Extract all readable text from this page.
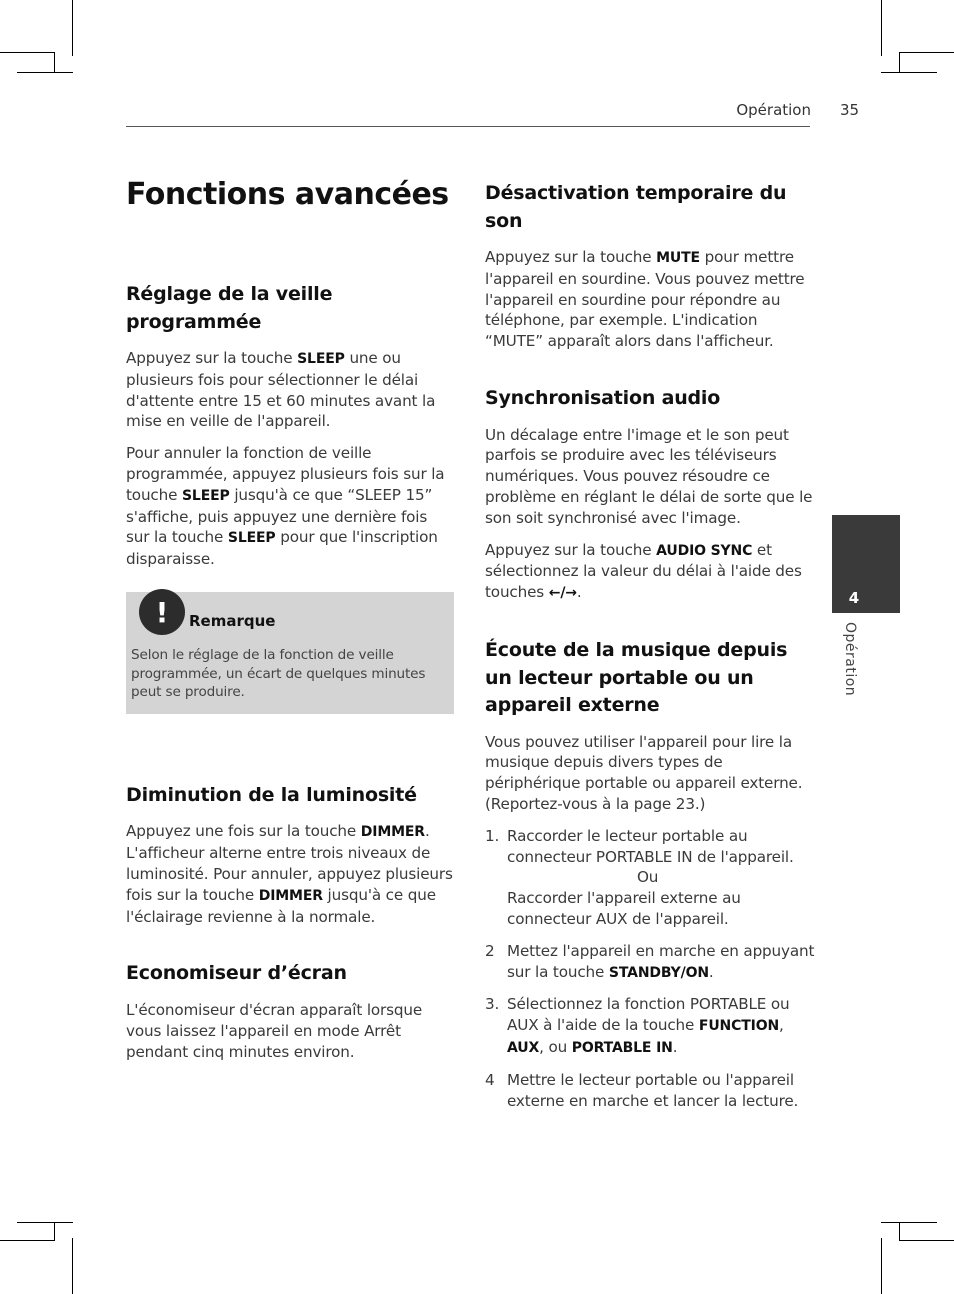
Opération 35
Fonctions avancées
Réglage de la veille programmée

Appuyez sur la touche SLEEP une ou plusieurs fois pour sélectionner le délai d'attente entre 15 et 60 minutes avant la mise en veille de l'appareil.

Pour annuler la fonction de veille programmée, appuyez plusieurs fois sur la touche SLEEP jusqu'à ce que “SLEEP 15” s'affiche, puis appuyez une dernière fois sur la touche SLEEP pour que l'inscription disparaisse.

!	Remarque

Selon le réglage de la fonction de veille programmée, un écart de quelques minutes peut se produire.

Diminution de la luminosité

Appuyez une fois sur la touche DIMMER. L'afficheur alterne entre trois niveaux de luminosité. Pour annuler, appuyez plusieurs fois sur la touche DIMMER jusqu'à ce que l'éclairage revienne à la normale.

Economiseur d’écran

L'économiseur d'écran apparaît lorsque vous laissez l'appareil en mode Arrêt pendant cinq minutes environ.

Désactivation temporaire du son

Appuyez sur la touche MUTE pour mettre l'appareil en sourdine. Vous pouvez mettre l'appareil en sourdine pour répondre au téléphone, par exemple. L'indication “MUTE” apparaît alors dans l'afficheur.

Synchronisation audio

Un décalage entre l'image et le son peut parfois se produire avec les téléviseurs numériques. Vous pouvez résoudre ce problème en réglant le délai de sorte que le son soit synchronisé avec l'image.

Appuyez sur la touche AUDIO SYNC et sélectionnez la valeur du délai à l'aide des touches ←/→.

Écoute de la musique depuis un lecteur portable ou un appareil externe

Vous pouvez utiliser l'appareil pour lire la musique depuis divers types de périphérique portable ou appareil externe. (Reportez-vous à la page 23.)

1. Raccorder le lecteur portable au connecteur PORTABLE IN de l'appareil.
Ou
Raccorder l'appareil externe au connecteur AUX de l'appareil.
2 Mettez l'appareil en marche en appuyant sur la touche STANDBY/ON.
3. Sélectionnez la fonction PORTABLE ou AUX à l'aide de la touche FUNCTION, AUX, ou PORTABLE IN.
4 Mettre le lecteur portable ou l'appareil externe en marche et lancer la lecture.
4
Opération
